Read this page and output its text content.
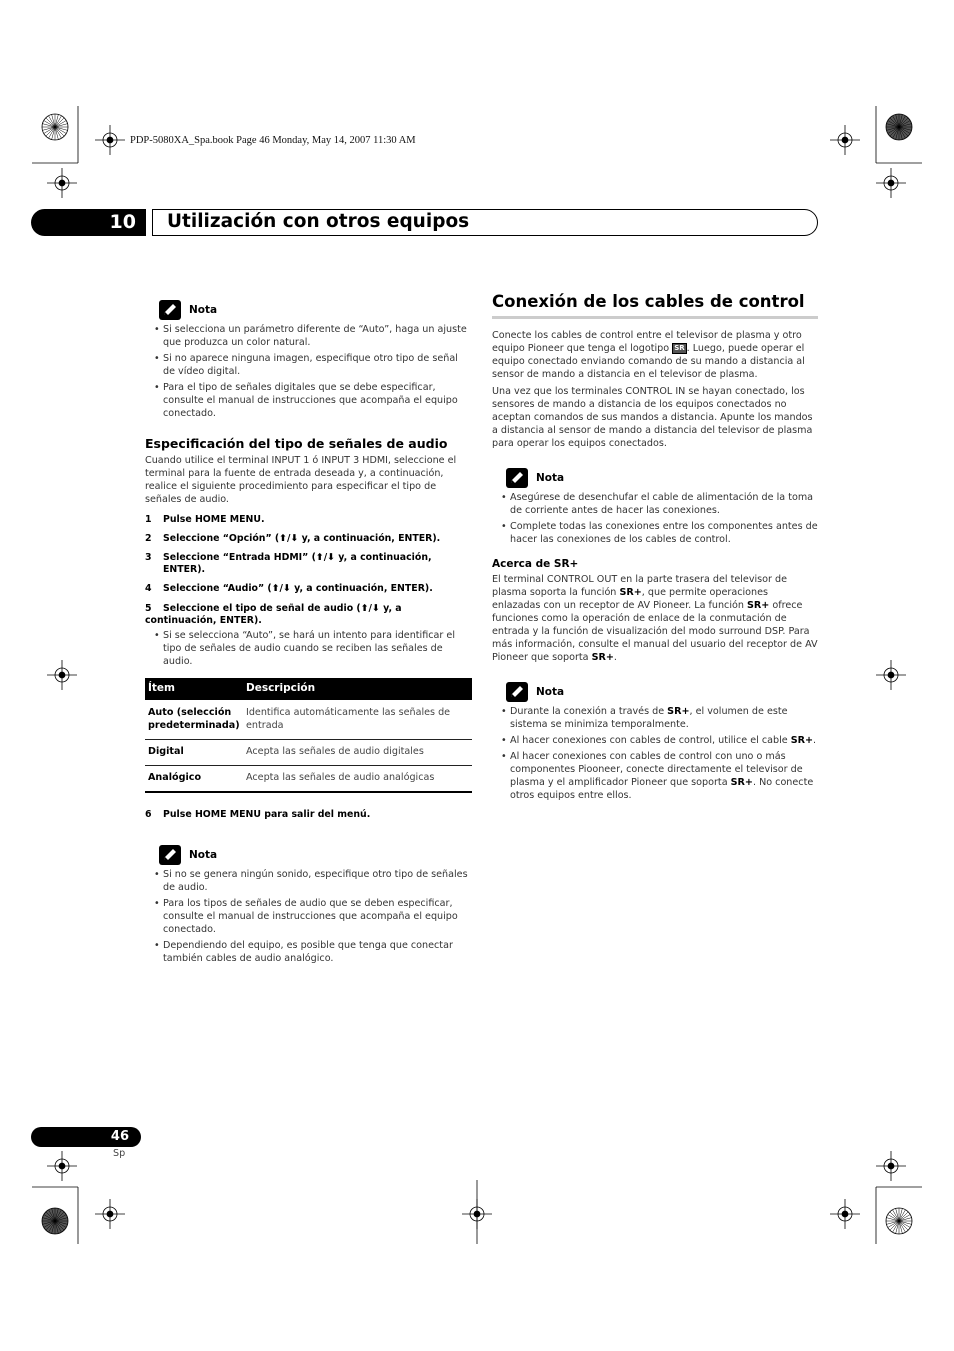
PDP-5080XA_Spa.book Page 46 Monday, May 14, 2007 11:30 AM
10	Utilización con otros equipos
Nota
• Si selecciona un parámetro diferente de “Auto”, haga un ajuste que produzca un color natural.
• Si no aparece ninguna imagen, especifique otro tipo de señal de vídeo digital.
• Para el tipo de señales digitales que se debe especificar, consulte el manual de instrucciones que acompaña el equipo conectado.
Especificación del tipo de señales de audio

Cuando utilice el terminal INPUT 1 ó INPUT 3 HDMI, seleccione el terminal para la fuente de entrada deseada y, a continuación, realice el siguiente procedimiento para especificar el tipo de señales de audio.

1	Pulse HOME MENU.

2	Seleccione “Opción” (⬆/⬇ y, a continuación, ENTER).

3	Seleccione “Entrada HDMI” (⬆/⬇ y, a continuación, ENTER).

4	Seleccione “Audio” (⬆/⬇ y, a continuación, ENTER).

5 Seleccione el tipo de señal de audio (⬆/⬇ y, a continuación, ENTER).

• Si se selecciona “Auto”, se hará un intento para identificar el tipo de señales de audio cuando se reciben las señales de audio.
Ítem	Descripción
Auto (selección predeterminada)	Identifica automáticamente las señales de entrada
Digital	Acepta las señales de audio digitales
Analógico	Acepta las señales de audio analógicas

6	Pulse HOME MENU para salir del menú.

Nota
• Si no se genera ningún sonido, especifique otro tipo de señales de audio.
• Para los tipos de señales de audio que se deben especificar, consulte el manual de instrucciones que acompaña el equipo conectado.
• Dependiendo del equipo, es posible que tenga que conectar también cables de audio analógico.
Conexión de los cables de control

Conecte los cables de control entre el televisor de plasma y otro equipo Pioneer que tenga el logotipo SR . Luego, puede operar el equipo conectado enviando comando de su mando a distancia al sensor de mando a distancia en el televisor de plasma.

Una vez que los terminales CONTROL IN se hayan conectado, los sensores de mando a distancia de los equipos conectados no aceptan comandos de sus mandos a distancia. Apunte los mandos a distancia al sensor de mando a distancia del televisor de plasma para operar los equipos conectados.

Nota
• Asegúrese de desenchufar el cable de alimentación de la toma de corriente antes de hacer las conexiones.
• Complete todas las conexiones entre los componentes antes de hacer las conexiones de los cables de control.
Acerca de SR+

El terminal CONTROL OUT en la parte trasera del televisor de plasma soporta la función SR+, que permite operaciones enlazadas con un receptor de AV Pioneer. La función SR+ ofrece funciones como la operación de enlace de la conmutación de entrada y la función de visualización del modo surround DSP. Para más información, consulte el manual del usuario del receptor de AV Pioneer que soporta SR+.

Nota
• Durante la conexión a través de SR+, el volumen de este sistema se minimiza temporalmente.
• Al hacer conexiones con cables de control, utilice el cable SR+.
• Al hacer conexiones con cables de control con uno o más componentes Piooneer, conecte directamente el televisor de plasma y el amplificador Pioneer que soporta SR+. No conecte otros equipos entre ellos.
46
Sp
